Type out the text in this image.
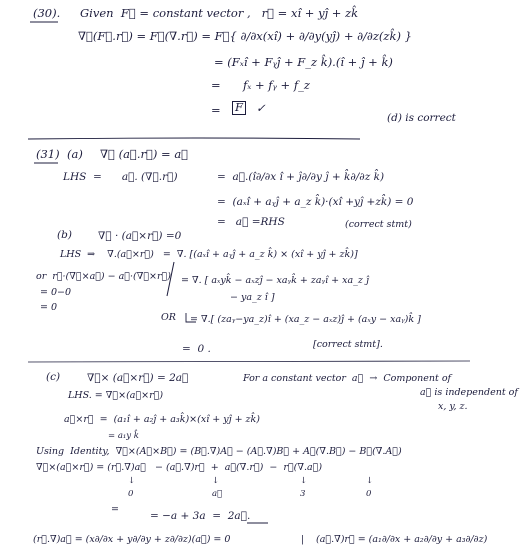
(30). Given  F⃗ = constant vector ,   r⃗ = xî + yĵ + zk̂
∇⃗(F⃗.r⃗) = F⃗(∇.r⃗) = F⃗{ ∂/∂x(xî) + ∂/∂y(yĵ) + ∂/∂z(zk̂) }
= (Fₓî + Fᵧĵ + F_z k̂).(î + ĵ + k̂)
= fₓ + fᵧ + f_z
= F ✓
(d) is correct
(31) (a) ∇⃗ (a⃗.r⃗) = a⃗
LHS  =      a⃗. (∇⃗.r⃗)	=  a⃗.(î∂/∂x î + ĵ∂/∂y ĵ + k̂∂/∂z k̂)
=  (aₓî + aᵧĵ + a_z k̂)·(xî +yĵ +zk̂) = 0
=   a⃗ =RHS	(correct stmt)
(b) ∇⃗ · (a⃗×r⃗) =0
LHS  ⇒    ∇.(a⃗×r⃗)   =  ∇. [(aₓî + aᵧĵ + a_z k̂) × (xî + yĵ + zk̂)]
or  r⃗·(∇⃗×a⃗) − a⃗·(∇⃗×r⃗) = ∇. [ aₓyk̂ − aₓzĵ − xaᵧk̂ + zaᵧî + xa_z ĵ
= 0−0	− ya_z î ]
= 0
OR = ∇.[ (zaᵧ−ya_z)î + (xa_z − aₓz)ĵ + (aₓy − xaᵧ)k̂ ]
=  0 .	[correct stmt].
(c)	∇⃗× (a⃗×r⃗) = 2a⃗	For a constant vector  a⃗  →  Component of
a⃗ is independent of
x, y, z.
LHS. = ∇⃗×(a⃗×r⃗)
a⃗×r⃗  =  (a₁î + a₂ĵ + a₃k̂)×(xî + yĵ + zk̂)
= a₁y k̂
Using  Identity,  ∇⃗×(A⃗×B⃗) = (B⃗.∇)A⃗ − (A⃗.∇)B⃗ + A⃗(∇.B⃗) − B⃗(∇.A⃗)
∇⃗×(a⃗×r⃗) = (r⃗.∇)a⃗   − (a⃗.∇)r⃗  +  a⃗(∇.r⃗)  −  r⃗(∇.a⃗)
↓	↓	↓	↓
0	a⃗	3	0
=
= −a + 3a  =  2a⃗.
(r⃗.∇)a⃗ = (x∂/∂x + y∂/∂y + z∂/∂z)(a⃗) = 0	| (a⃗.∇)r⃗ = (a₁∂/∂x + a₂∂/∂y + a₃∂/∂z)
